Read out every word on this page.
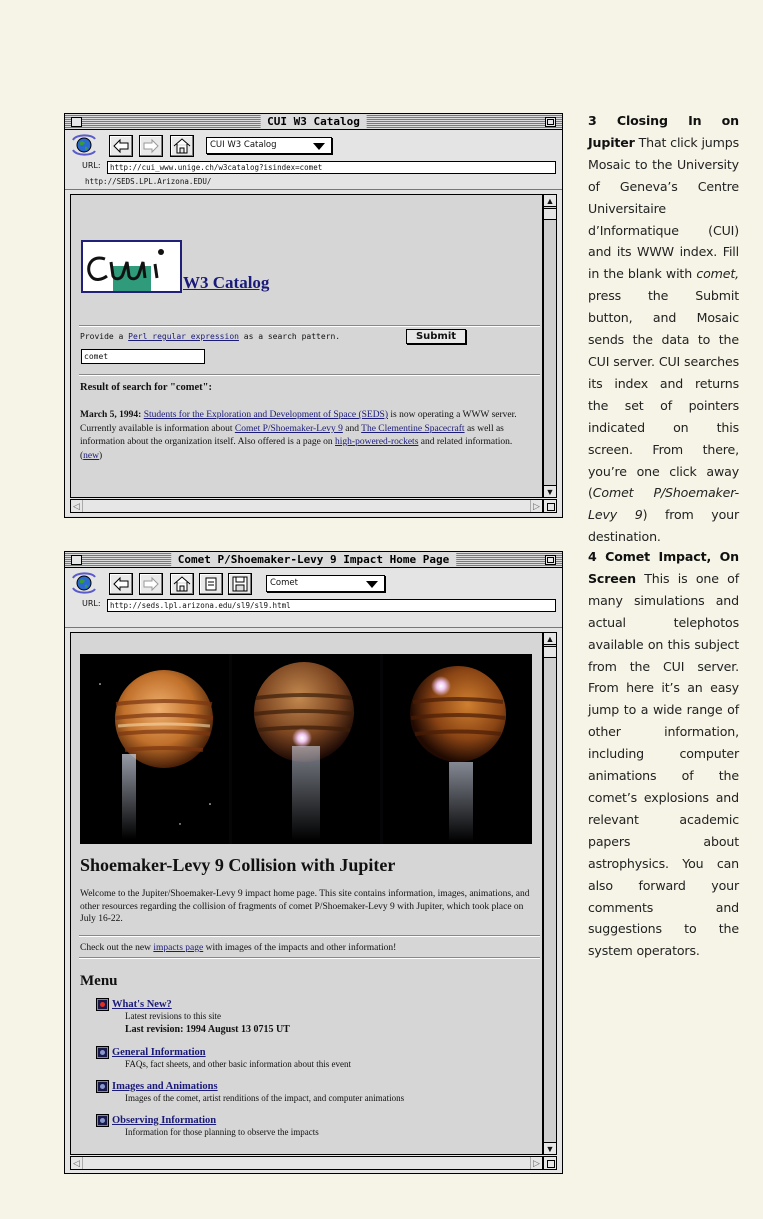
CUI W3 Catalog
CUI W3 Catalog
URL:	http://cui_www.unige.ch/w3catalog?isindex=comet
http://SEDS.LPL.Arizona.EDU/
W3 Catalog
Provide a Perl regular expression as a search pattern.	Submit
comet
Result of search for "comet":
March 5, 1994: Students for the Exploration and Development of Space (SEDS) is now operating a WWW server. Currently available is information about Comet P/Shoemaker-Levy 9 and The Clementine Spacecraft as well as information about the organization itself. Also offered is a page on high-powered-rockets and related information. (new)
▲
▼
◁	▷
Comet P/Shoemaker-Levy 9 Impact Home Page
Comet
URL:	http://seds.lpl.arizona.edu/sl9/sl9.html
Shoemaker-Levy 9 Collision with Jupiter
Welcome to the Jupiter/Shoemaker-Levy 9 impact home page. This site contains information, images, animations, and other resources regarding the collision of fragments of comet P/Shoemaker-Levy 9 with Jupiter, which took place on July 16-22.
Check out the new impacts page with images of the impacts and other information!
Menu
What's New?
Latest revisions to this site
Last revision: 1994 August 13 0715 UT
General Information
FAQs, fact sheets, and other basic information about this event
Images and Animations
Images of the comet, artist renditions of the impact, and computer animations
Observing Information
Information for those planning to observe the impacts
▲
▼
◁	▷
3 Closing In on Jupiter That click jumps Mosaic to the University of Geneva’s Centre Universitaire d’Informatique (CUI) and its WWW index. Fill in the blank with comet, press the Submit button, and Mosaic sends the data to the CUI server. CUI searches its index and returns the set of pointers indicated on this screen. From there, you’re one click away (Comet P/Shoemaker-Levy 9) from your destination.
4 Comet Impact, On Screen This is one of many simulations and actual telephotos available on this subject from the CUI server. From here it’s an easy jump to a wide range of other information, including computer animations of the comet’s explosions and relevant academic papers about astrophysics. You can also forward your comments and suggestions to the system operators.
